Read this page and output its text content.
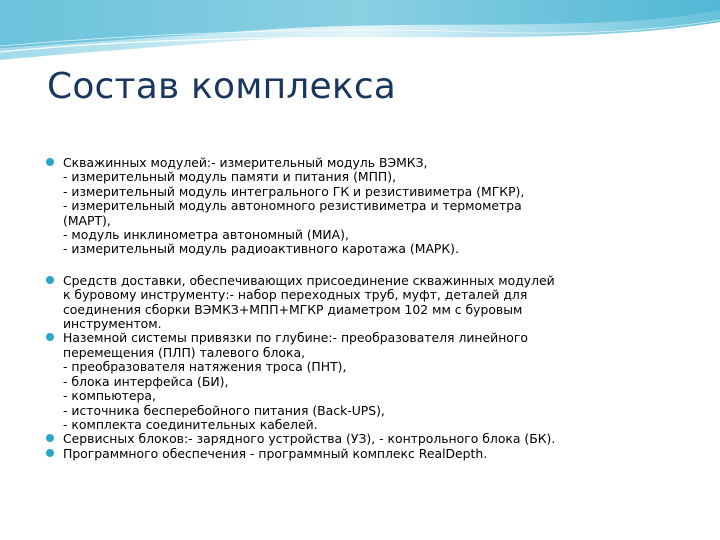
Состав комплекса
Скважинных модулей:- измерительный модуль ВЭМКЗ,
- измерительный модуль памяти и питания (МПП),
- измерительный модуль интегрального ГК и резистивиметра (МГКР),
- измерительный модуль автономного резистивиметра и термометра
(МАРТ),
- модуль инклинометра автономный (МИА),
- измерительный модуль радиоактивного каротажа (МАРК).
Средств доставки, обеспечивающих присоединение скважинных модулей
к буровому инструменту:- набор переходных труб, муфт, деталей для
соединения сборки ВЭМКЗ+МПП+МГКР диаметром 102 мм с буровым
инструментом.
Наземной системы привязки по глубине:- преобразователя линейного
перемещения (ПЛП) талевого блока,
- преобразователя натяжения троса (ПНТ),
- блока интерфейса (БИ),
- компьютера,
- источника бесперебойного питания (Back-UPS),
- комплекта соединительных кабелей.
Сервисных блоков:- зарядного устройства (УЗ), - контрольного блока (БК).
Программного обеспечения - программный комплекс RealDepth.
